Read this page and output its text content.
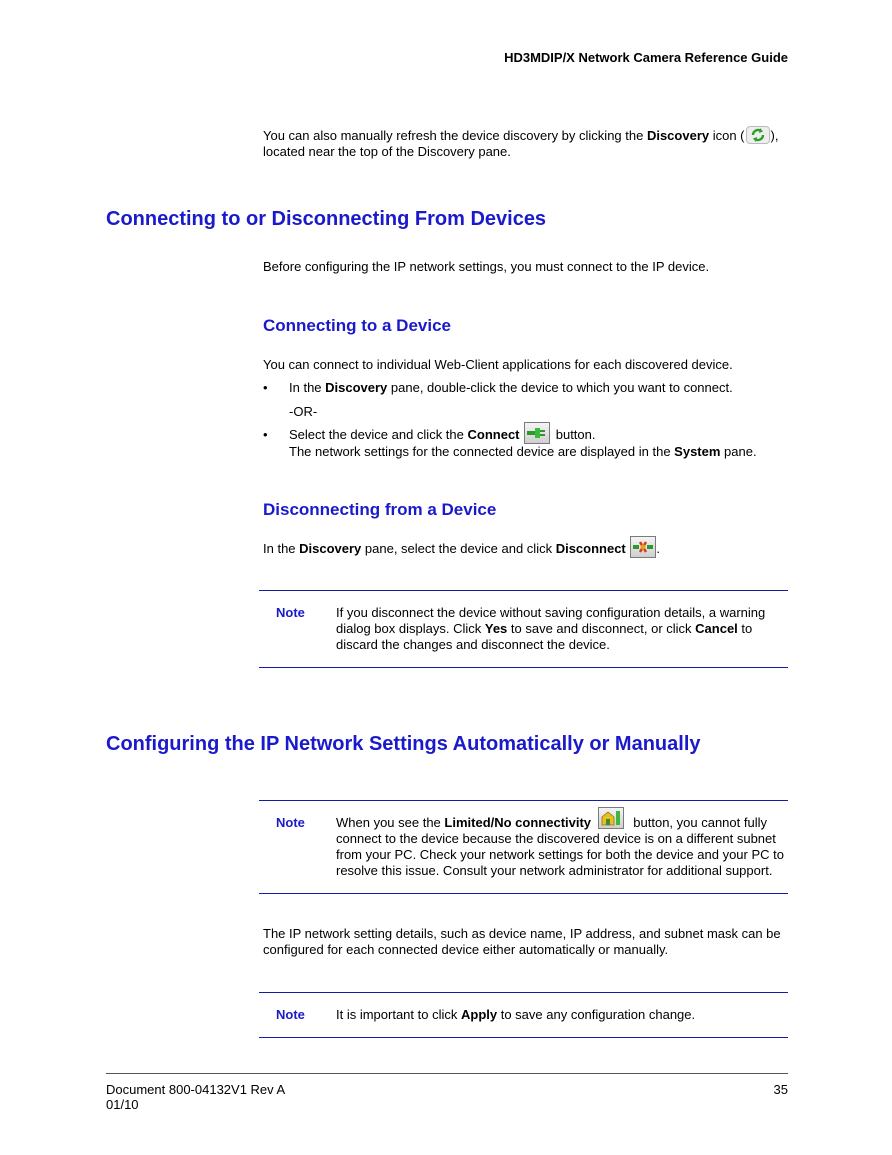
HD3MDIP/X Network Camera Reference Guide
You can also manually refresh the device discovery by clicking the Discovery icon ( ),
located near the top of the Discovery pane.
Connecting to or Disconnecting From Devices
Before configuring the IP network settings, you must connect to the IP device.
Connecting to a Device
You can connect to individual Web-Client applications for each discovered device.
• In the Discovery pane, double-click the device to which you want to connect.
-OR-
• Select the device and click the Connect	button.
The network settings for the connected device are displayed in the System pane.
Disconnecting from a Device
In the Discovery pane, select the device and click Disconnect .
Note If you disconnect the device without saving configuration details, a warning
dialog box displays. Click Yes to save and disconnect, or click Cancel to
discard the changes and disconnect the device.
Configuring the IP Network Settings Automatically or Manually
Note When you see the Limited/No connectivity	button, you cannot fully
connect to the device because the discovered device is on a different subnet
from your PC. Check your network settings for both the device and your PC to
resolve this issue. Consult your network administrator for additional support.
The IP network setting details, such as device name, IP address, and subnet mask can be
configured for each connected device either automatically or manually.
Note It is important to click Apply to save any configuration change.
Document 800-04132V1 Rev A
01/10
35
